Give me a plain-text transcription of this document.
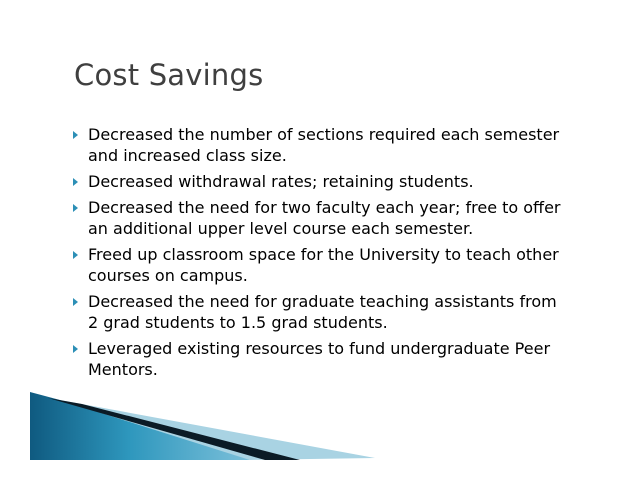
Cost Savings
Decreased the number of sections required each semester and increased class size.
Decreased withdrawal rates; retaining students.
Decreased the need for two faculty each year; free to offer an additional upper level course each semester.
Freed up classroom space for the University to teach other courses on campus.
Decreased the need for graduate teaching assistants from 2 grad students to 1.5 grad students.
Leveraged existing resources to fund undergraduate Peer Mentors.
